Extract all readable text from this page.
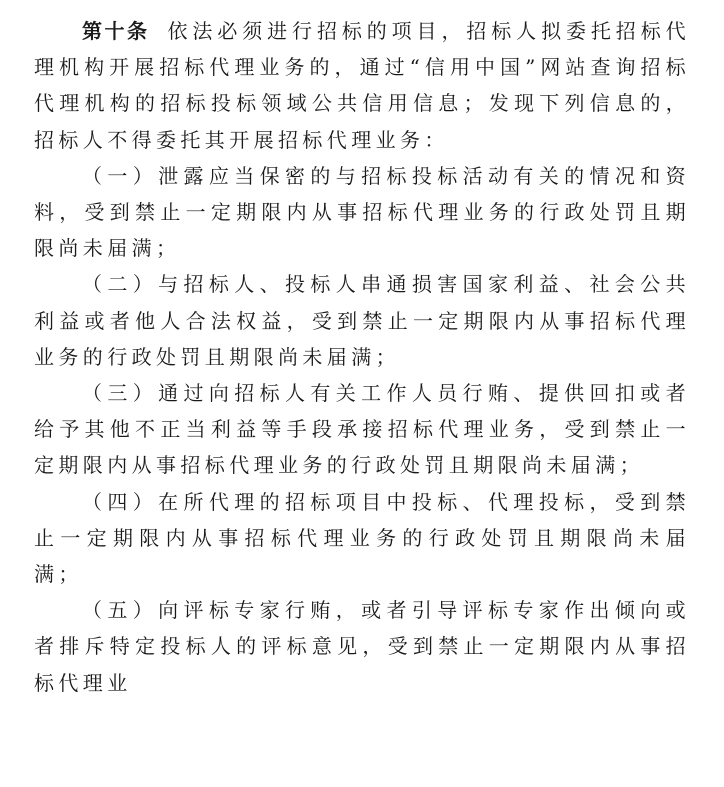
第十条 依法必须进行招标的项目，招标人拟委托招标代理机构开展招标代理业务的，通过“信用中国”网站查询招标代理机构的招标投标领域公共信用信息；发现下列信息的，招标人不得委托其开展招标代理业务：

（一）泄露应当保密的与招标投标活动有关的情况和资料，受到禁止一定期限内从事招标代理业务的行政处罚且期限尚未届满；

（二）与招标人、投标人串通损害国家利益、社会公共利益或者他人合法权益，受到禁止一定期限内从事招标代理业务的行政处罚且期限尚未届满；

（三）通过向招标人有关工作人员行贿、提供回扣或者给予其他不正当利益等手段承接招标代理业务，受到禁止一定期限内从事招标代理业务的行政处罚且期限尚未届满；

（四）在所代理的招标项目中投标、代理投标，受到禁止一定期限内从事招标代理业务的行政处罚且期限尚未届满；

（五）向评标专家行贿，或者引导评标专家作出倾向或者排斥特定投标人的评标意见，受到禁止一定期限内从事招标代理业
